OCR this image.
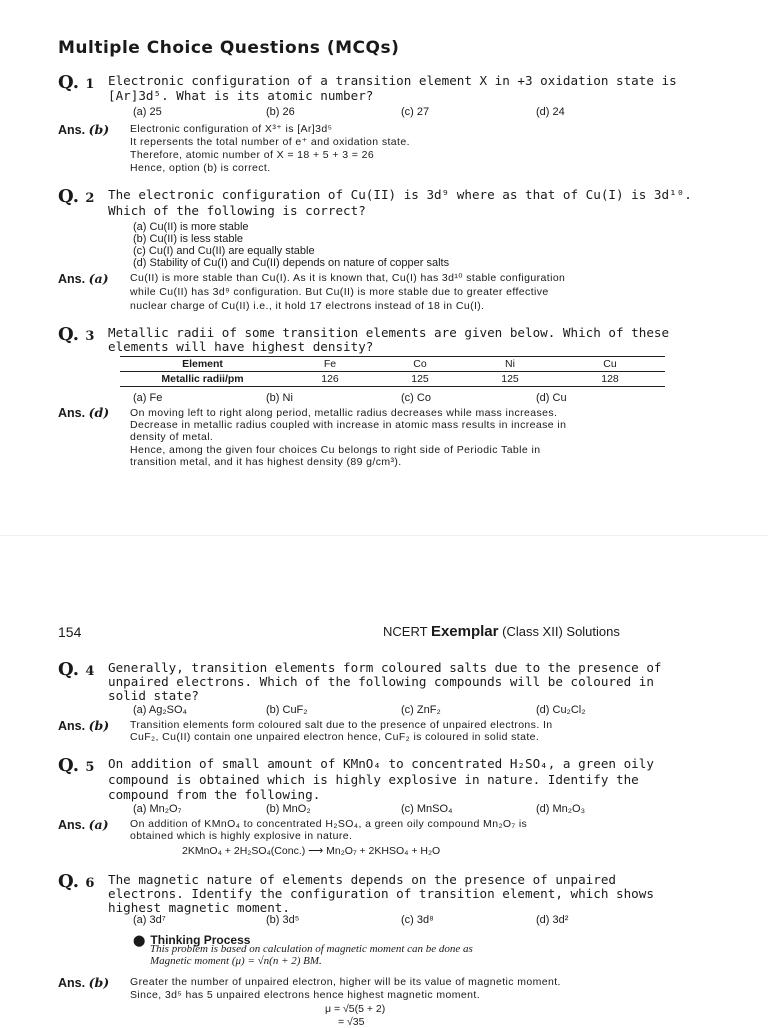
Multiple Choice Questions (MCQs)
Q. 1 Electronic configuration of a transition element X in +3 oxidation state is
[Ar]3d⁵. What is its atomic number?
(a) 25	(b) 26	(c) 27	(d) 24
Ans. (b) Electronic configuration of X³⁺ is [Ar]3d⁵
It repersents the total number of e⁺ and oxidation state.
Therefore, atomic number of X = 18 + 5 + 3 = 26
Hence, option (b) is correct.
Q. 2 The electronic configuration of Cu(II) is 3d⁹ where as that of Cu(I) is 3d¹⁰.
Which of the following is correct?
(a) Cu(II) is more stable
(b) Cu(II) is less stable
(c) Cu(I) and Cu(II) are equally stable
(d) Stability of Cu(I) and Cu(II) depends on nature of copper salts
Ans. (a) Cu(II) is more stable than Cu(I). As it is known that, Cu(I) has 3d¹⁰ stable configuration
while Cu(II) has 3d⁹ configuration. But Cu(II) is more stable due to greater effective
nuclear charge of Cu(II) i.e., it hold 17 electrons instead of 18 in Cu(I).
Q. 3 Metallic radii of some transition elements are given below. Which of these
elements will have highest density?
Element	Fe	Co	Ni	Cu
Metallic radii/pm	126	125	125	128
(a) Fe	(b) Ni	(c) Co	(d) Cu
Ans. (d) On moving left to right along period, metallic radius decreases while mass increases.
Decrease in metallic radius coupled with increase in atomic mass results in increase in
density of metal.
Hence, among the given four choices Cu belongs to right side of Periodic Table in
transition metal, and it has highest density (89 g/cm³).
154	NCERT Exemplar (Class XII) Solutions
Q. 4 Generally, transition elements form coloured salts due to the presence of
unpaired electrons. Which of the following compounds will be coloured in
solid state?
(a) Ag₂SO₄	(b) CuF₂	(c) ZnF₂	(d) Cu₂Cl₂
Ans. (b) Transition elements form coloured salt due to the presence of unpaired electrons. In
CuF₂, Cu(II) contain one unpaired electron hence, CuF₂ is coloured in solid state.
Q. 5 On addition of small amount of KMnO₄ to concentrated H₂SO₄, a green oily
compound is obtained which is highly explosive in nature. Identify the
compound from the following.
(a) Mn₂O₇	(b) MnO₂	(c) MnSO₄	(d) Mn₂O₃
Ans. (a) On addition of KMnO₄ to concentrated H₂SO₄, a green oily compound Mn₂O₇ is
obtained which is highly explosive in nature.
2KMnO₄ + 2H₂SO₄(Conc.) ⟶ Mn₂O₇ + 2KHSO₄ + H₂O
Q. 6 The magnetic nature of elements depends on the presence of unpaired
electrons. Identify the configuration of transition element, which shows
highest magnetic moment.
(a) 3d⁷	(b) 3d⁵	(c) 3d⁸	(d) 3d²
⬤ Thinking Process
This problem is based on calculation of magnetic moment can be done as
Magnetic moment (μ) = √n(n + 2) BM.
Ans. (b) Greater the number of unpaired electron, higher will be its value of magnetic moment.
Since, 3d⁵ has 5 unpaired electrons hence highest magnetic moment.
μ = √5(5 + 2)
= √35
